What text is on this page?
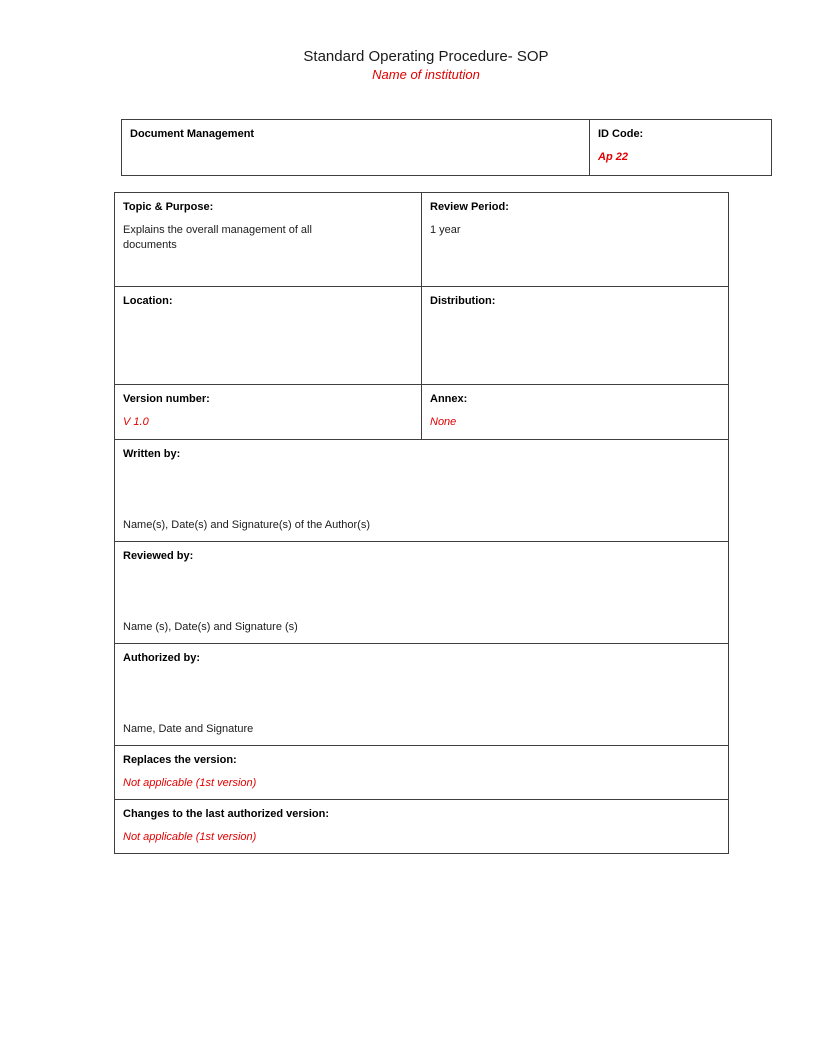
Standard Operating Procedure- SOP
Name of institution
Document Management	ID Code:
Ap 22
Topic & Purpose:
Explains the overall management of all documents

Review Period:
1 year

Location:	Distribution:

Version number:
V 1.0

Annex:
None

Written by:
Name(s), Date(s) and Signature(s) of the Author(s)	

Reviewed by:
Name (s), Date(s) and Signature (s)	

Authorized by:
Name, Date and Signature	

Replaces the version:
Not applicable (1st version)	

Changes to the last authorized version:
Not applicable (1st version)	
